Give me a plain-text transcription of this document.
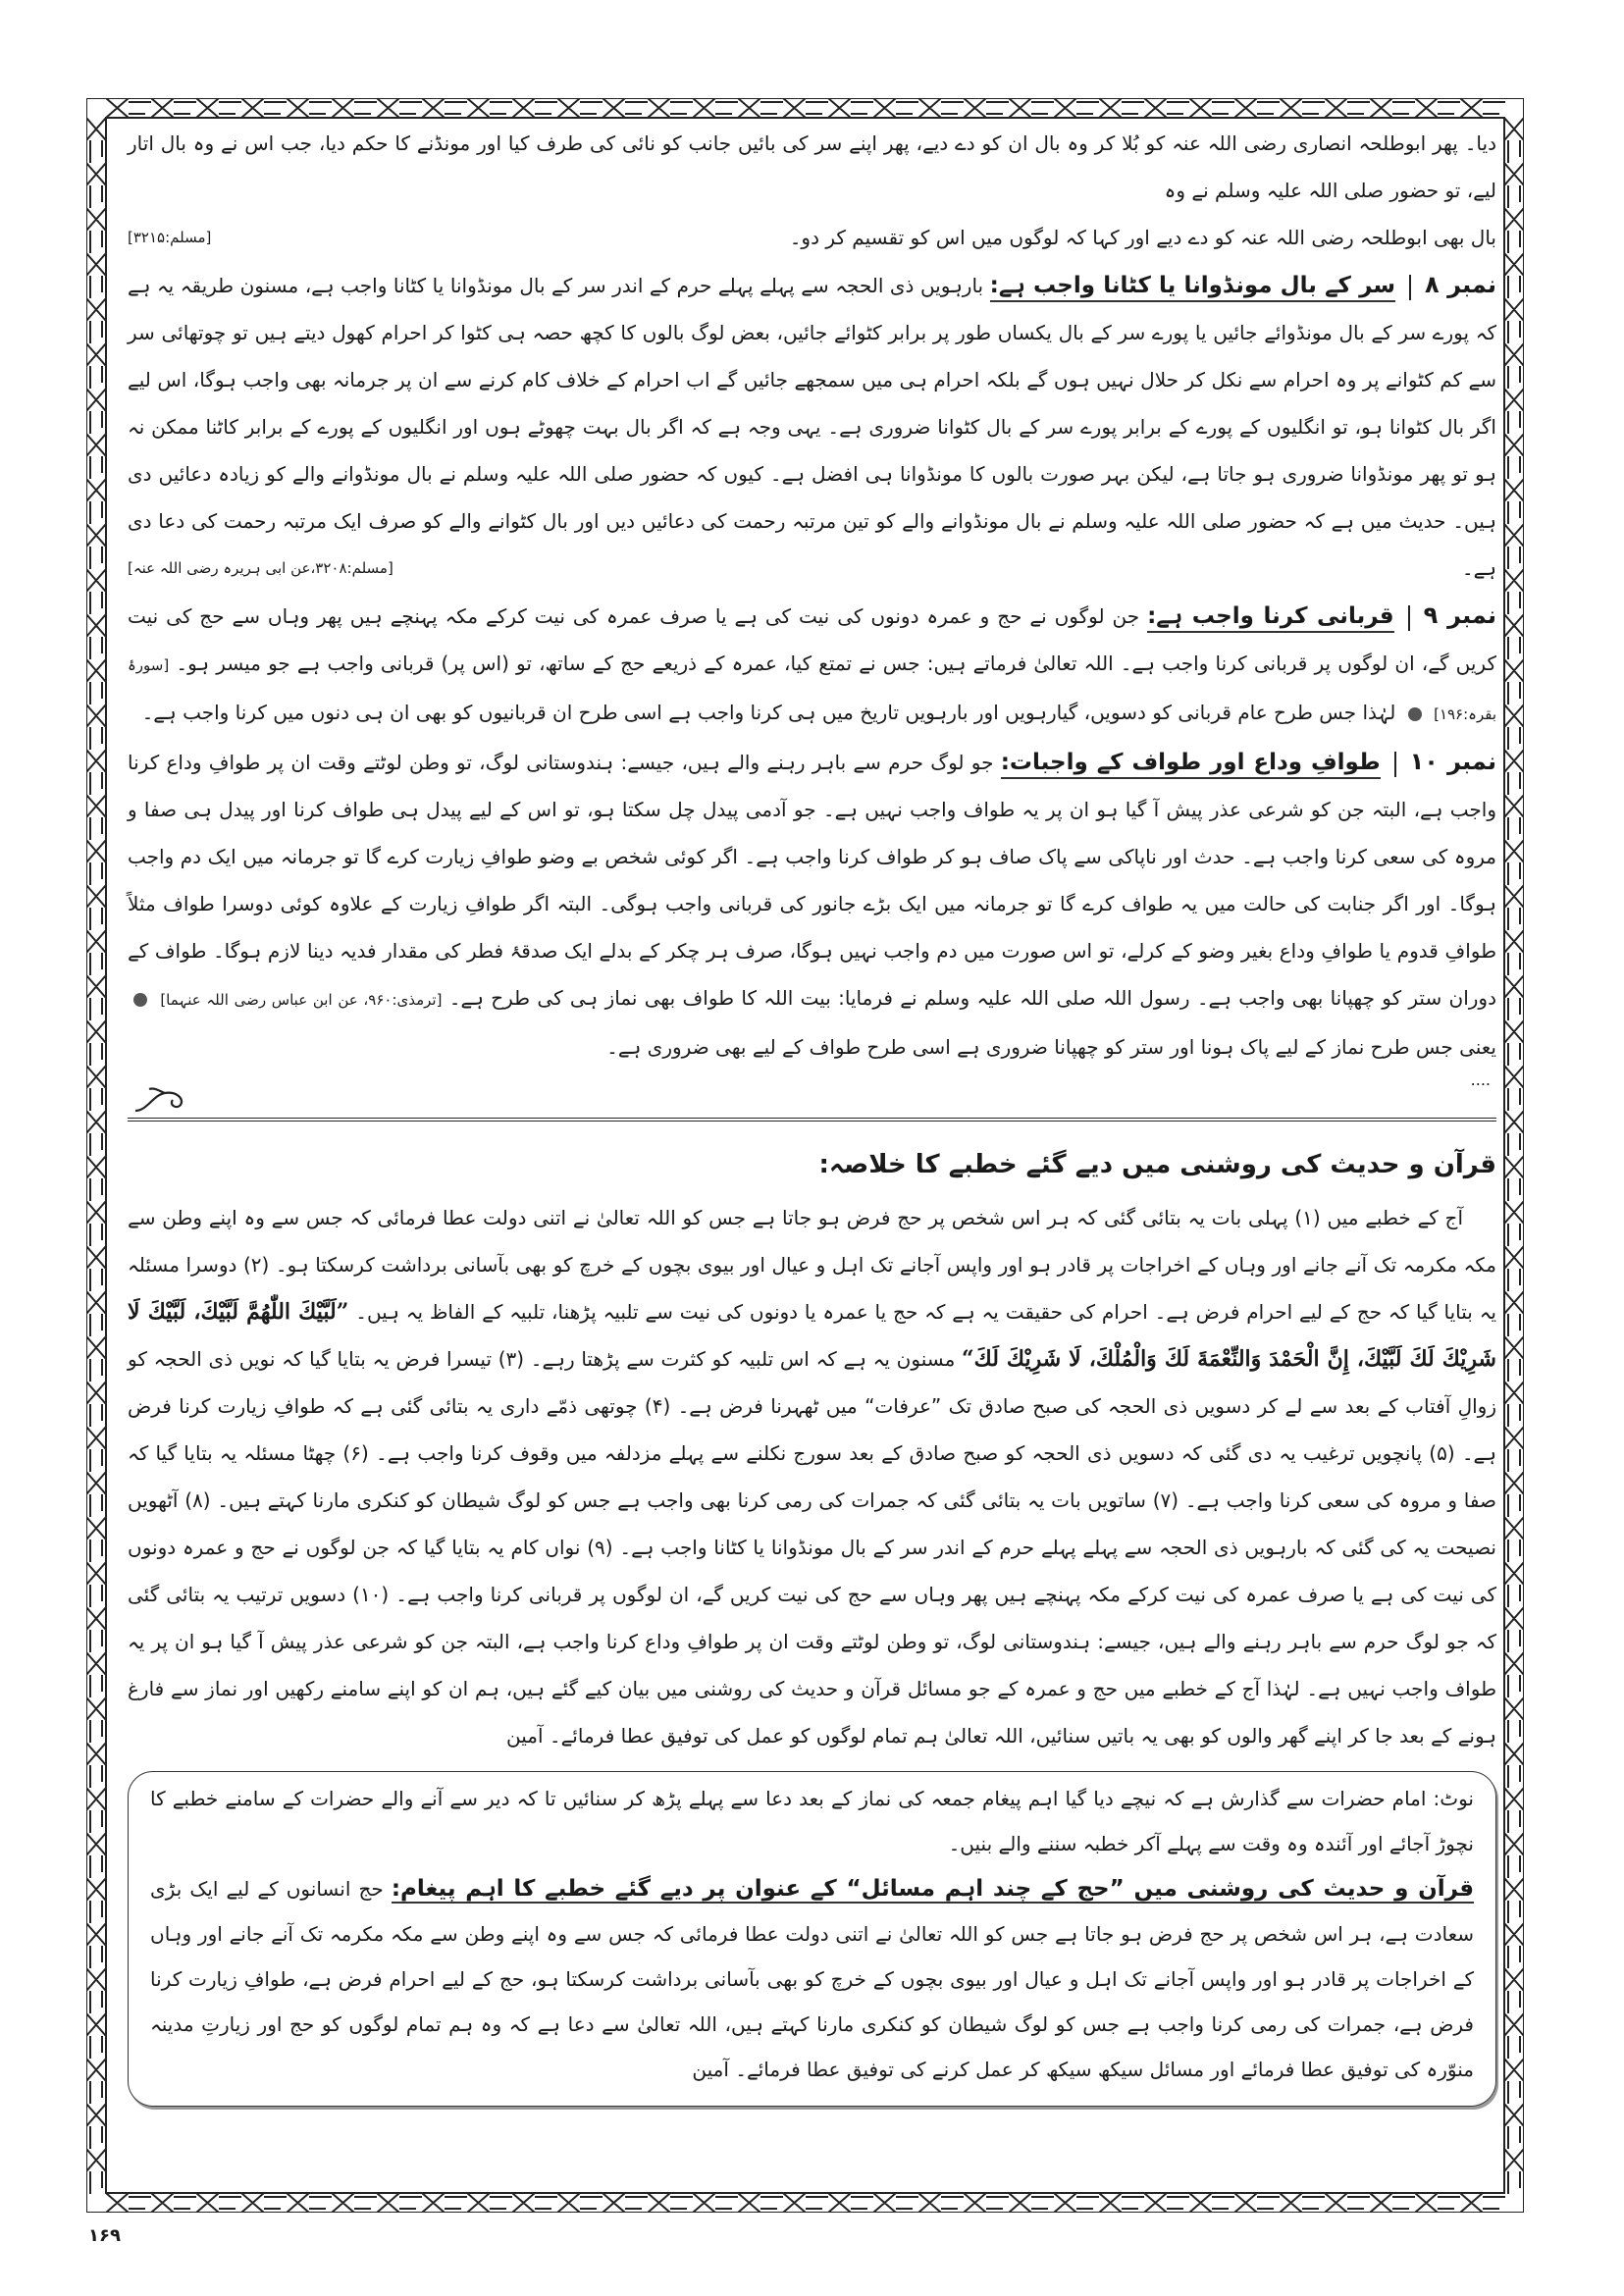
دیا۔ پھر ابوطلحہ انصاری رضی اللہ عنہ کو بُلا کر وہ بال ان کو دے دیے، پھر اپنے سر کی بائیں جانب کو نائی کی طرف کیا اور مونڈنے کا حکم دیا، جب اس نے وہ بال اتار لیے، تو حضور صلی اللہ علیہ وسلم نے وہ

بال بھی ابوطلحہ رضی اللہ عنہ کو دے دیے اور کہا کہ لوگوں میں اس کو تقسیم کر دو۔
[مسلم:۳۲۱۵]

نمبر ۸سر کے بال مونڈوانا یا کٹانا واجب ہے: بارہویں ذی الحجہ سے پہلے پہلے حرم کے اندر سر کے بال مونڈوانا یا کٹانا واجب ہے، مسنون طریقہ یہ ہے کہ پورے سر کے بال مونڈوائے جائیں یا پورے سر کے بال یکساں طور پر برابر کٹوائے جائیں، بعض لوگ بالوں کا کچھ حصہ ہی کٹوا کر احرام کھول دیتے ہیں تو چوتھائی سر سے کم کٹوانے پر وہ احرام سے نکل کر حلال نہیں ہوں گے بلکہ احرام ہی میں سمجھے جائیں گے اب احرام کے خلاف کام کرنے سے ان پر جرمانہ بھی واجب ہوگا، اس لیے اگر بال کٹوانا ہو، تو انگلیوں کے پورے کے برابر پورے سر کے بال کٹوانا ضروری ہے۔ یہی وجہ ہے کہ اگر بال بہت چھوٹے ہوں اور انگلیوں کے پورے کے برابر کاٹنا ممکن نہ ہو تو پھر مونڈوانا ضروری ہو جاتا ہے، لیکن بہر صورت بالوں کا مونڈوانا ہی افضل ہے۔ کیوں کہ حضور صلی اللہ علیہ وسلم نے بال مونڈوانے والے کو زیادہ دعائیں دی ہیں۔ حدیث میں ہے کہ حضور صلی اللہ علیہ وسلم نے بال مونڈوانے والے کو تین مرتبہ رحمت کی دعائیں دیں اور بال کٹوانے والے کو صرف ایک مرتبہ رحمت کی دعا دی ہے۔
[مسلم:۳۲۰۸،عن ابی ہریرہ رضی اللہ عنہ]

نمبر ۹قربانی کرنا واجب ہے: جن لوگوں نے حج و عمرہ دونوں کی نیت کی ہے یا صرف عمرہ کی نیت کرکے مکہ پہنچے ہیں پھر وہاں سے حج کی نیت کریں گے، ان لوگوں پر قربانی کرنا واجب ہے۔ اللہ تعالیٰ فرماتے ہیں: جس نے تمتع کیا، عمرہ کے ذریعے حج کے ساتھ، تو (اس پر) قربانی واجب ہے جو میسر ہو۔ [سورۂ بقرہ:۱۹۶]  لہٰذا جس طرح عام قربانی کو دسویں، گیارہویں اور بارہویں تاریخ میں ہی کرنا واجب ہے اسی طرح ان قربانیوں کو بھی ان ہی دنوں میں کرنا واجب ہے۔

نمبر ۱۰طوافِ وداع اور طواف کے واجبات: جو لوگ حرم سے باہر رہنے والے ہیں، جیسے: ہندوستانی لوگ، تو وطن لوٹتے وقت ان پر طوافِ وداع کرنا واجب ہے، البتہ جن کو شرعی عذر پیش آ گیا ہو ان پر یہ طواف واجب نہیں ہے۔ جو آدمی پیدل چل سکتا ہو، تو اس کے لیے پیدل ہی طواف کرنا اور پیدل ہی صفا و مروہ کی سعی کرنا واجب ہے۔ حدث اور ناپاکی سے پاک صاف ہو کر طواف کرنا واجب ہے۔ اگر کوئی شخص بے وضو طوافِ زیارت کرے گا تو جرمانہ میں ایک دم واجب ہوگا۔ اور اگر جنابت کی حالت میں یہ طواف کرے گا تو جرمانہ میں ایک بڑے جانور کی قربانی واجب ہوگی۔ البتہ اگر طوافِ زیارت کے علاوہ کوئی دوسرا طواف مثلاً طوافِ قدوم یا طوافِ وداع بغیر وضو کے کرلے، تو اس صورت میں دم واجب نہیں ہوگا، صرف ہر چکر کے بدلے ایک صدقۂ فطر کی مقدار فدیہ دینا لازم ہوگا۔ طواف کے دوران ستر کو چھپانا بھی واجب ہے۔ رسول اللہ صلی اللہ علیہ وسلم نے فرمایا: بیت اللہ کا طواف بھی نماز ہی کی طرح ہے۔ [ترمذی:۹۶۰، عن ابن عباس رضی اللہ عنہما]  یعنی جس طرح نماز کے لیے پاک ہونا اور ستر کو چھپانا ضروری ہے اسی طرح طواف کے لیے بھی ضروری ہے۔

....

قرآن و حدیث کی روشنی میں دیے گئے خطبے کا خلاصہ:

آج کے خطبے میں (۱) پہلی بات یہ بتائی گئی کہ ہر اس شخص پر حج فرض ہو جاتا ہے جس کو اللہ تعالیٰ نے اتنی دولت عطا فرمائی کہ جس سے وہ اپنے وطن سے مکہ مکرمہ تک آنے جانے اور وہاں کے اخراجات پر قادر ہو اور واپس آجانے تک اہل و عیال اور بیوی بچوں کے خرچ کو بھی بآسانی برداشت کرسکتا ہو۔ (۲) دوسرا مسئلہ یہ بتایا گیا کہ حج کے لیے احرام فرض ہے۔ احرام کی حقیقت یہ ہے کہ حج یا عمرہ یا دونوں کی نیت سے تلبیہ پڑھنا، تلبیہ کے الفاظ یہ ہیں۔ ”لَبَّيْكَ اللّٰهُمَّ لَبَّيْكَ، لَبَّيْكَ لَا شَرِيْكَ لَكَ لَبَّيْكَ، إِنَّ الْحَمْدَ وَالنِّعْمَةَ لَكَ وَالْمُلْكَ، لَا شَرِيْكَ لَكَ“ مسنون یہ ہے کہ اس تلبیہ کو کثرت سے پڑھتا رہے۔ (۳) تیسرا فرض یہ بتایا گیا کہ نویں ذی الحجہ کو زوالِ آفتاب کے بعد سے لے کر دسویں ذی الحجہ کی صبح صادق تک ”عرفات“ میں ٹھہرنا فرض ہے۔ (۴) چوتھی ذمّے داری یہ بتائی گئی ہے کہ طوافِ زیارت کرنا فرض ہے۔ (۵) پانچویں ترغیب یہ دی گئی کہ دسویں ذی الحجہ کو صبح صادق کے بعد سورج نکلنے سے پہلے مزدلفہ میں وقوف کرنا واجب ہے۔ (۶) چھٹا مسئلہ یہ بتایا گیا کہ صفا و مروہ کی سعی کرنا واجب ہے۔ (۷) ساتویں بات یہ بتائی گئی کہ جمرات کی رمی کرنا بھی واجب ہے جس کو لوگ شیطان کو کنکری مارنا کہتے ہیں۔ (۸) آٹھویں نصیحت یہ کی گئی کہ بارہویں ذی الحجہ سے پہلے پہلے حرم کے اندر سر کے بال مونڈوانا یا کٹانا واجب ہے۔ (۹) نواں کام یہ بتایا گیا کہ جن لوگوں نے حج و عمرہ دونوں کی نیت کی ہے یا صرف عمرہ کی نیت کرکے مکہ پہنچے ہیں پھر وہاں سے حج کی نیت کریں گے، ان لوگوں پر قربانی کرنا واجب ہے۔ (۱۰) دسویں ترتیب یہ بتائی گئی کہ جو لوگ حرم سے باہر رہنے والے ہیں، جیسے: ہندوستانی لوگ، تو وطن لوٹتے وقت ان پر طوافِ وداع کرنا واجب ہے، البتہ جن کو شرعی عذر پیش آ گیا ہو ان پر یہ طواف واجب نہیں ہے۔ لہٰذا آج کے خطبے میں حج و عمرہ کے جو مسائل قرآن و حدیث کی روشنی میں بیان کیے گئے ہیں، ہم ان کو اپنے سامنے رکھیں اور نماز سے فارغ ہونے کے بعد جا کر اپنے گھر والوں کو بھی یہ باتیں سنائیں، اللہ تعالیٰ ہم تمام لوگوں کو عمل کی توفیق عطا فرمائے۔ آمین

نوٹ: امام حضرات سے گذارش ہے کہ نیچے دیا گیا اہم پیغام جمعہ کی نماز کے بعد دعا سے پہلے پڑھ کر سنائیں تا کہ دیر سے آنے والے حضرات کے سامنے خطبے کا نچوڑ آجائے اور آئندہ وہ وقت سے پہلے آکر خطبہ سننے والے بنیں۔

قرآن و حدیث کی روشنی میں ”حج کے چند اہم مسائل“ کے عنوان پر دیے گئے خطبے کا اہم پیغام: حج انسانوں کے لیے ایک بڑی سعادت ہے، ہر اس شخص پر حج فرض ہو جاتا ہے جس کو اللہ تعالیٰ نے اتنی دولت عطا فرمائی کہ جس سے وہ اپنے وطن سے مکہ مکرمہ تک آنے جانے اور وہاں کے اخراجات پر قادر ہو اور واپس آجانے تک اہل و عیال اور بیوی بچوں کے خرچ کو بھی بآسانی برداشت کرسکتا ہو، حج کے لیے احرام فرض ہے، طوافِ زیارت کرنا فرض ہے، جمرات کی رمی کرنا واجب ہے جس کو لوگ شیطان کو کنکری مارنا کہتے ہیں، اللہ تعالیٰ سے دعا ہے کہ وہ ہم تمام لوگوں کو حج اور زیارتِ مدینہ منوّرہ کی توفیق عطا فرمائے اور مسائل سیکھ سیکھ کر عمل کرنے کی توفیق عطا فرمائے۔ آمین

۱۶۹
